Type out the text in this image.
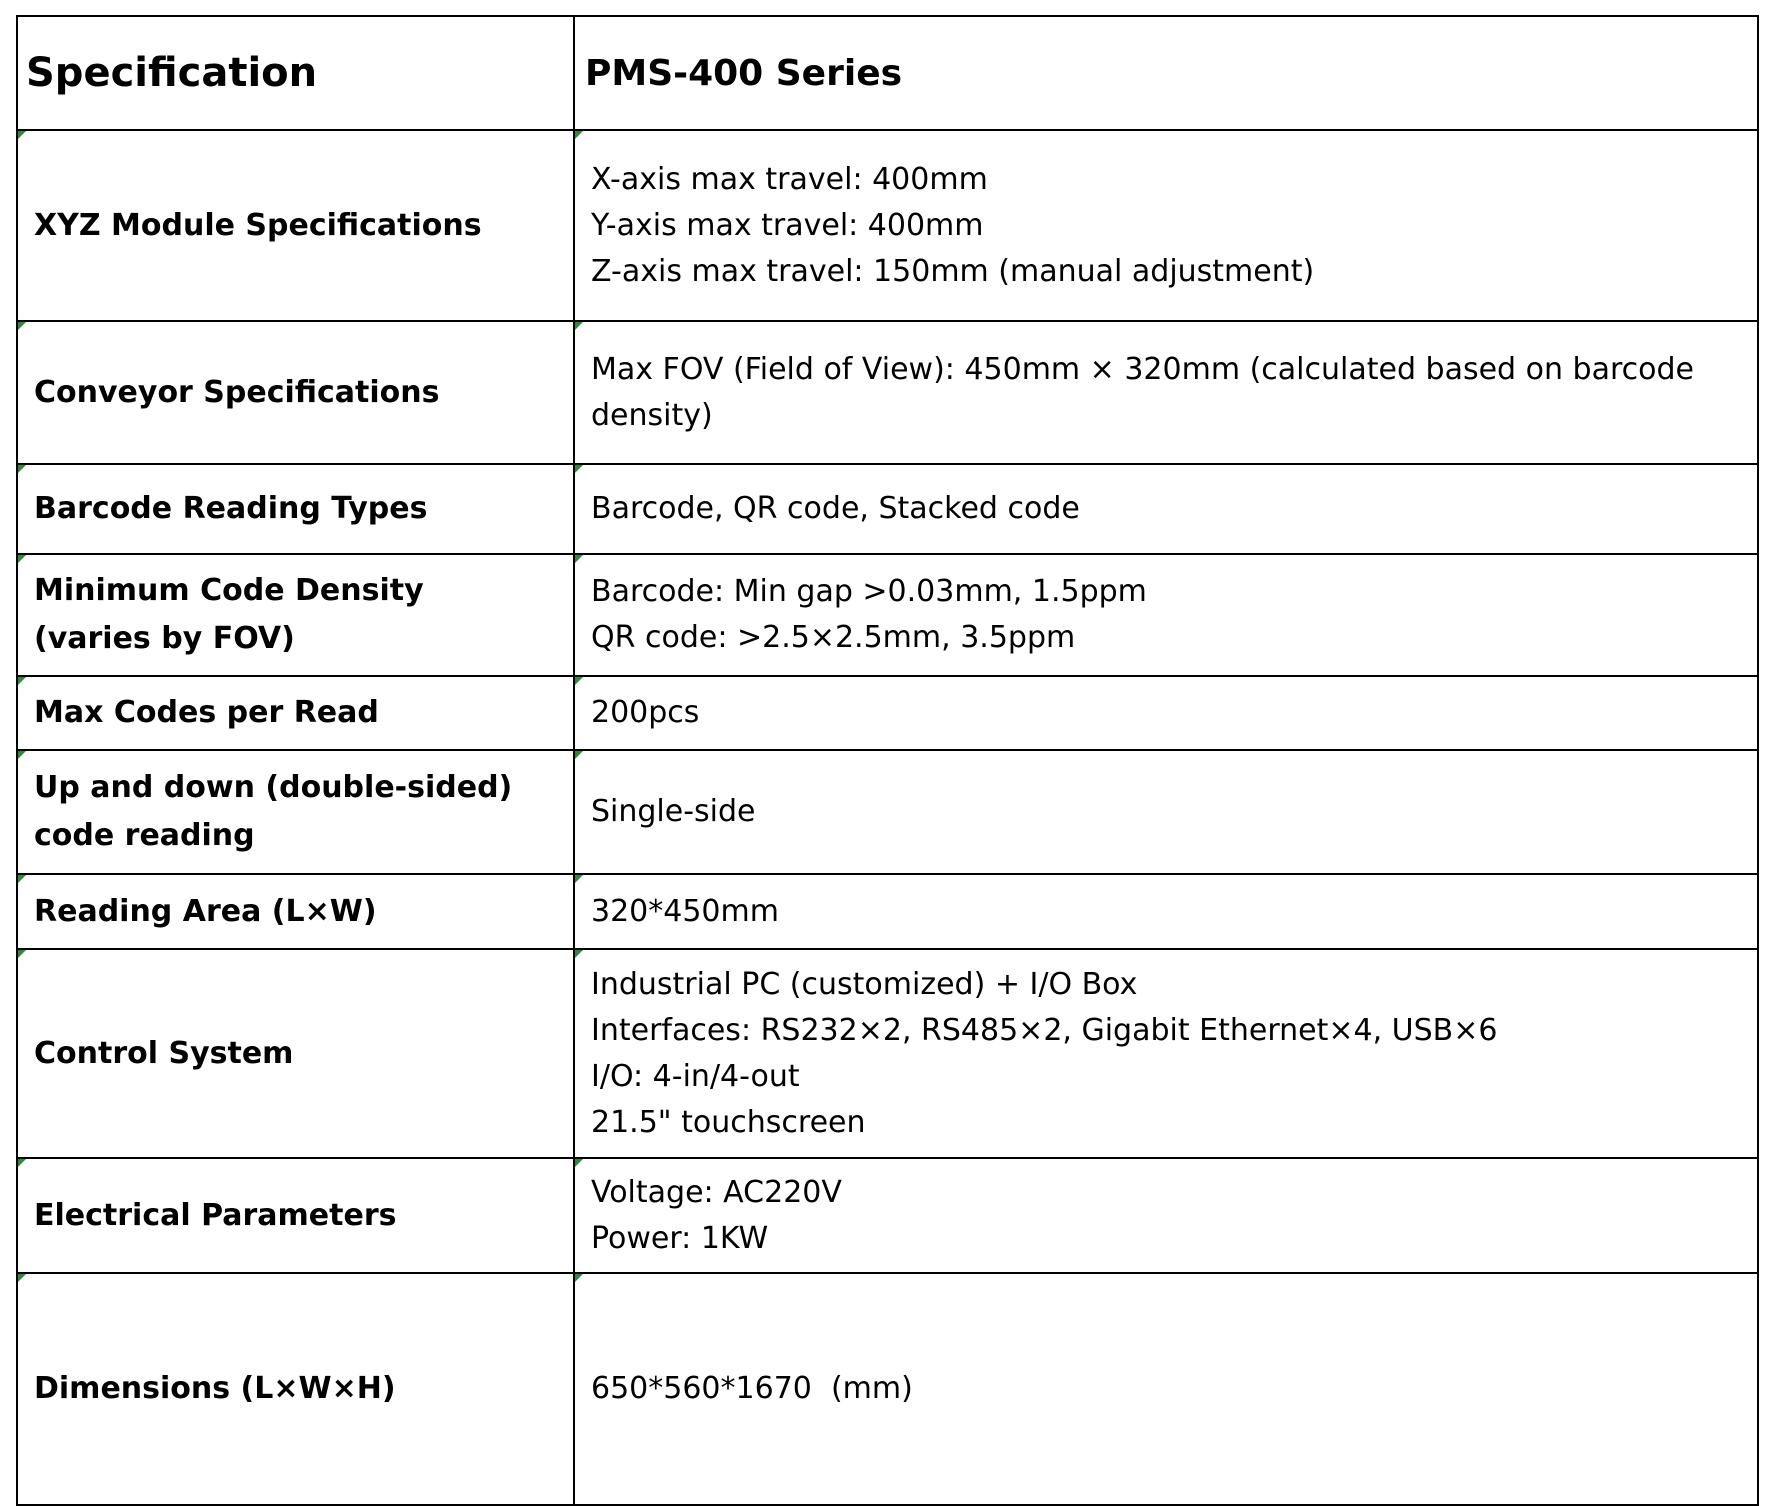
Specification	PMS-400 Series
XYZ Module Specifications	X-axis max travel: 400mm
Y-axis max travel: 400mm
Z-axis max travel: 150mm (manual adjustment)

Conveyor Specifications	Max FOV (Field of View): 450mm × 320mm (calculated based on barcode density)

Barcode Reading Types	Barcode, QR code, Stacked code

Minimum Code Density
(varies by FOV)	Barcode: Min gap >0.03mm, 1.5ppm
QR code: >2.5×2.5mm, 3.5ppm

Max Codes per Read	200pcs

Up and down (double-sided)
code reading	Single-side

Reading Area (L×W)	320*450mm

Control System	Industrial PC (customized) + I/O Box
Interfaces: RS232×2, RS485×2, Gigabit Ethernet×4, USB×6
I/O: 4-in/4-out
21.5" touchscreen

Electrical Parameters	Voltage: AC220V
Power: 1KW

Dimensions (L×W×H)	650*560*1670  (mm)
